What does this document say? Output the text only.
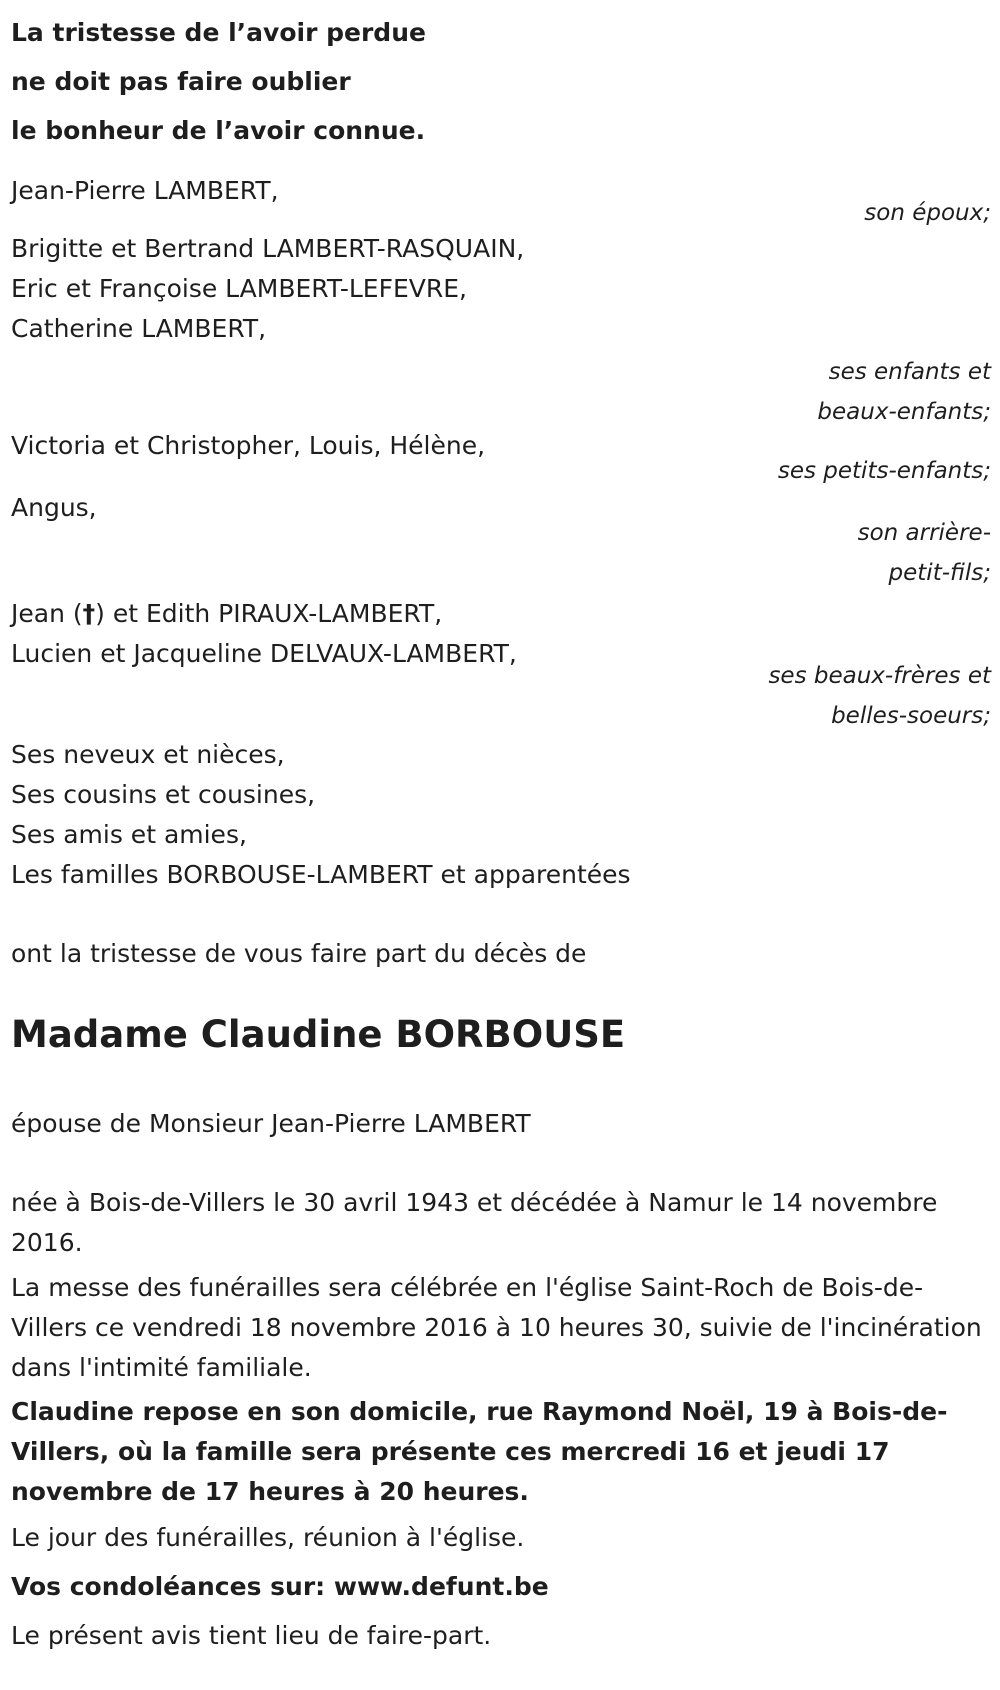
La tristesse de l’avoir perdue
ne doit pas faire oublier
le bonheur de l’avoir connue.
Jean-Pierre LAMBERT,
son époux;
Brigitte et Bertrand LAMBERT-RASQUAIN,
Eric et Françoise LAMBERT-LEFEVRE,
Catherine LAMBERT,
ses enfants et
beaux-enfants;
Victoria et Christopher, Louis, Hélène,
ses petits-enfants;
Angus,
son arrière-
petit-fils;
Jean (†) et Edith PIRAUX-LAMBERT,
Lucien et Jacqueline DELVAUX-LAMBERT,
ses beaux-frères et
belles-soeurs;
Ses neveux et nièces,
Ses cousins et cousines,
Ses amis et amies,
Les familles BORBOUSE-LAMBERT et apparentées
ont la tristesse de vous faire part du décès de
Madame Claudine BORBOUSE
épouse de Monsieur Jean-Pierre LAMBERT
née à Bois-de-Villers le 30 avril 1943 et décédée à Namur le 14 novembre 2016.
La messe des funérailles sera célébrée en l'église Saint-Roch de Bois-de-Villers ce vendredi 18 novembre 2016 à 10 heures 30, suivie de l'incinération dans l'intimité familiale.
Claudine repose en son domicile, rue Raymond Noël, 19 à Bois-de-Villers, où la famille sera présente ces mercredi 16 et jeudi 17 novembre de 17 heures à 20 heures.
Le jour des funérailles, réunion à l'église.
Vos condoléances sur: www.defunt.be
Le présent avis tient lieu de faire-part.
